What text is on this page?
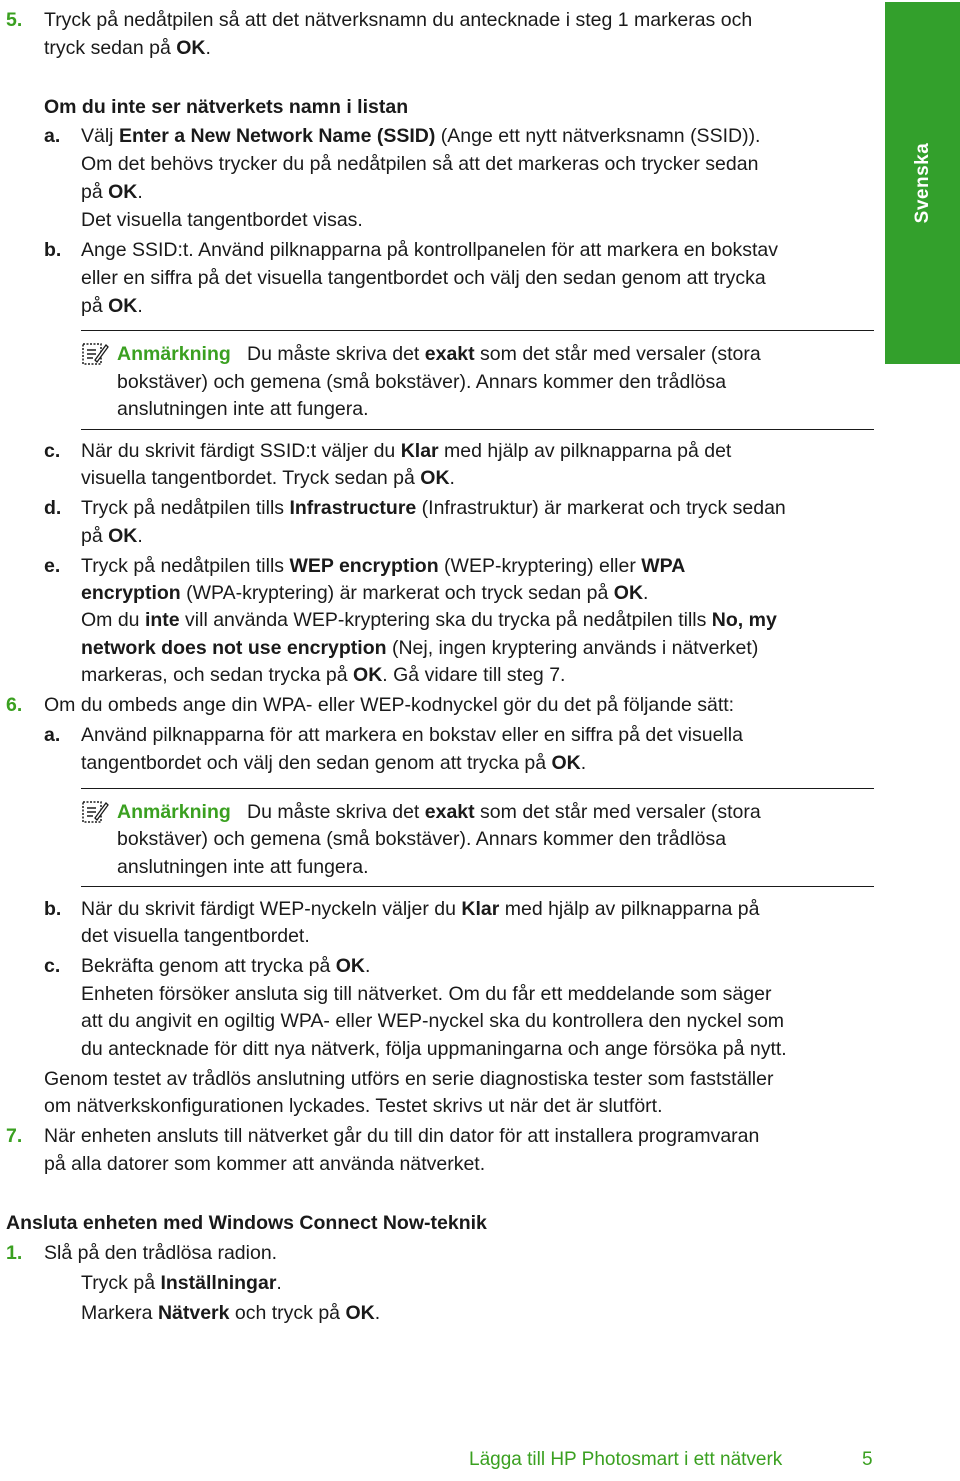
Svenska
5. Tryck på nedåtpilen så att det nätverksnamn du antecknade i steg 1 markeras och
tryck sedan på OK.
Om du inte ser nätverkets namn i listan
a. Välj Enter a New Network Name (SSID) (Ange ett nytt nätverksnamn (SSID)).
Om det behövs trycker du på nedåtpilen så att det markeras och trycker sedan
på OK.
Det visuella tangentbordet visas.
b. Ange SSID:t. Använd pilknapparna på kontrollpanelen för att markera en bokstav
eller en siffra på det visuella tangentbordet och välj den sedan genom att trycka
på OK.
Anmärkning Du måste skriva det exakt som det står med versaler (stora
bokstäver) och gemena (små bokstäver). Annars kommer den trådlösa
anslutningen inte att fungera.
c. När du skrivit färdigt SSID:t väljer du Klar med hjälp av pilknapparna på det
visuella tangentbordet. Tryck sedan på OK.
d. Tryck på nedåtpilen tills Infrastructure (Infrastruktur) är markerat och tryck sedan
på OK.
e. Tryck på nedåtpilen tills WEP encryption (WEP-kryptering) eller WPA
encryption (WPA-kryptering) är markerat och tryck sedan på OK.
Om du inte vill använda WEP-kryptering ska du trycka på nedåtpilen tills No, my
network does not use encryption (Nej, ingen kryptering används i nätverket)
markeras, och sedan trycka på OK. Gå vidare till steg 7.
6. Om du ombeds ange din WPA- eller WEP-kodnyckel gör du det på följande sätt:
a. Använd pilknapparna för att markera en bokstav eller en siffra på det visuella
tangentbordet och välj den sedan genom att trycka på OK.
Anmärkning Du måste skriva det exakt som det står med versaler (stora
bokstäver) och gemena (små bokstäver). Annars kommer den trådlösa
anslutningen inte att fungera.
b. När du skrivit färdigt WEP-nyckeln väljer du Klar med hjälp av pilknapparna på
det visuella tangentbordet.
c. Bekräfta genom att trycka på OK.
Enheten försöker ansluta sig till nätverket. Om du får ett meddelande som säger
att du angivit en ogiltig WPA- eller WEP-nyckel ska du kontrollera den nyckel som
du antecknade för ditt nya nätverk, följa uppmaningarna och ange försöka på nytt.
Genom testet av trådlös anslutning utförs en serie diagnostiska tester som fastställer
om nätverkskonfigurationen lyckades. Testet skrivs ut när det är slutfört.
7. När enheten ansluts till nätverket går du till din dator för att installera programvaran
på alla datorer som kommer att använda nätverket.
Ansluta enheten med Windows Connect Now-teknik
1. Slå på den trådlösa radion.
Tryck på Inställningar.
Markera Nätverk och tryck på OK.
Lägga till HP Photosmart i ett nätverk	5
